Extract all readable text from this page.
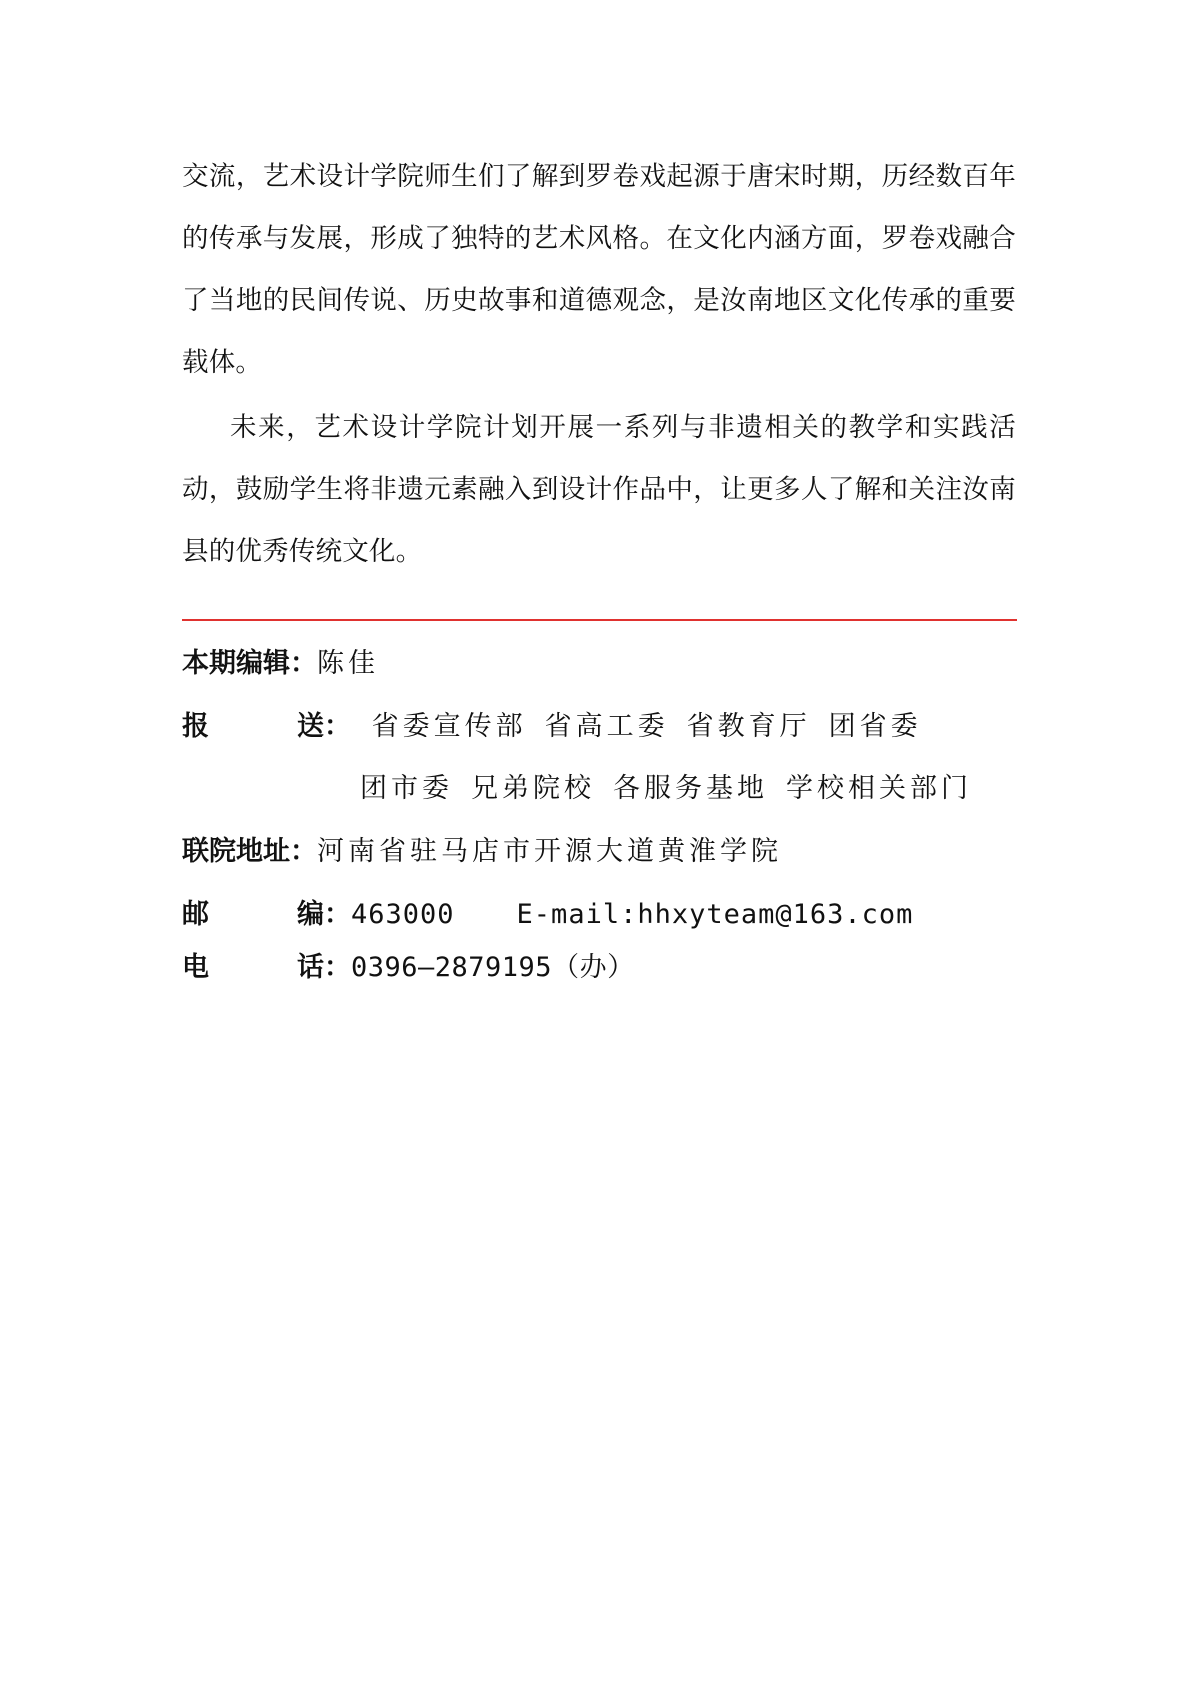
交流，艺术设计学院师生们了解到罗卷戏起源于唐宋时期，历经数百年的传承与发展，形成了独特的艺术风格。在文化内涵方面，罗卷戏融合了当地的民间传说、历史故事和道德观念，是汝南地区文化传承的重要载体。

未来，艺术设计学院计划开展一系列与非遗相关的教学和实践活动，鼓励学生将非遗元素融入到设计作品中，让更多人了解和关注汝南县的优秀传统文化。

本期编辑：陈佳
报	送： 省委宣传部 省高工委 省教育厅 团省委
团市委 兄弟院校 各服务基地 学校相关部门
联院地址：河南省驻马店市开源大道黄淮学院
邮	编：463000 E-mail:hhxyteam@163.com
电	话：0396—2879195（办）
